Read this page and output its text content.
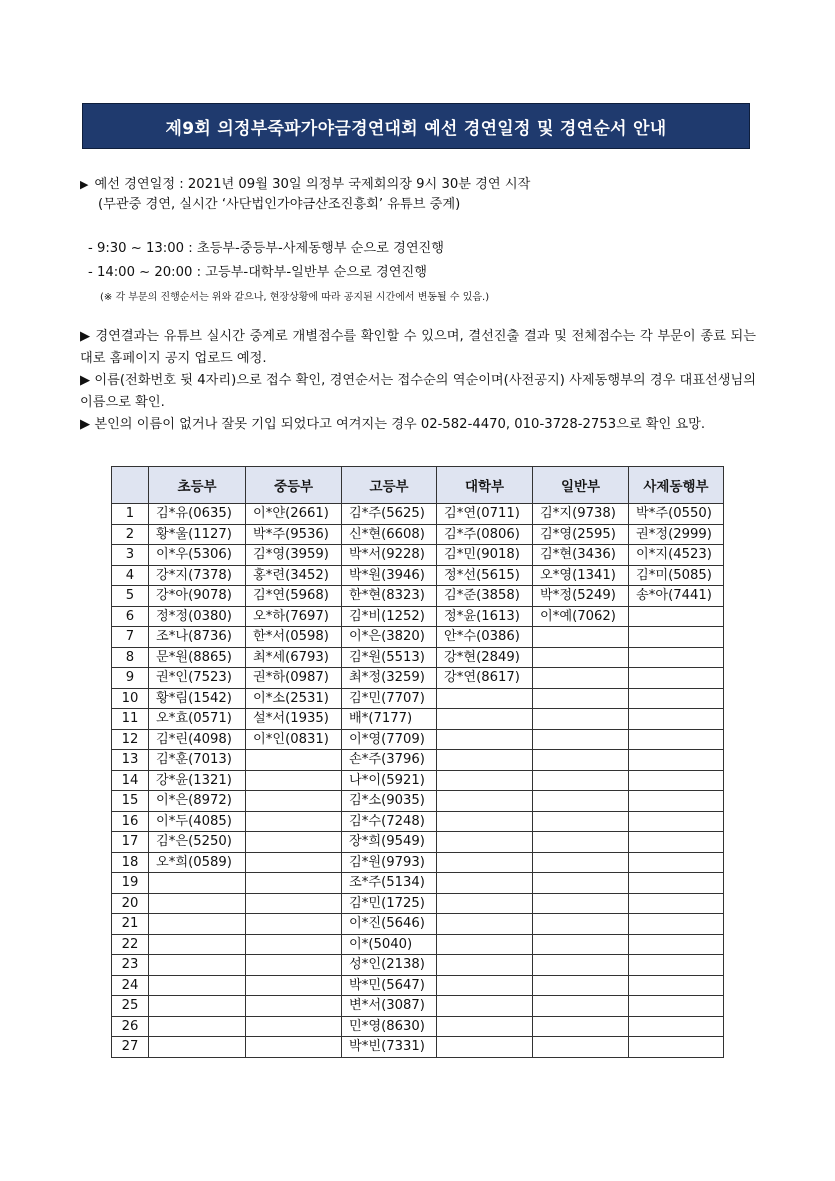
제9회 의정부죽파가야금경연대회 예선 경연일정 및 경연순서 안내
▶ 예선 경연일정 : 2021년 09월 30일 의정부 국제회의장 9시 30분 경연 시작
(무관중 경연, 실시간 ‘사단법인가야금산조진흥회’ 유튜브 중계)
- 9:30 ~ 13:00 : 초등부-중등부-사제동행부 순으로 경연진행
- 14:00 ~ 20:00 : 고등부-대학부-일반부 순으로 경연진행
(※ 각 부문의 진행순서는 위와 같으나, 현장상황에 따라 공지된 시간에서 변동될 수 있음.)
▶ 경연결과는 유튜브 실시간 중계로 개별점수를 확인할 수 있으며, 결선진출 결과 및 전체점수는 각 부문이 종료 되는대로 홈페이지 공지 업로드 예정.
▶ 이름(전화번호 뒷 4자리)으로 접수 확인, 경연순서는 접수순의 역순이며(사전공지) 사제동행부의 경우 대표선생님의 이름으로 확인.
▶ 본인의 이름이 없거나 잘못 기입 되었다고 여겨지는 경우 02-582-4470, 010-3728-2753으로 확인 요망.
	초등부	중등부	고등부	대학부	일반부	사제동행부
1	김*유(0635)	이*얀(2661)	김*주(5625)	김*연(0711)	김*지(9738)	박*주(0550)
2	황*울(1127)	박*주(9536)	신*현(6608)	김*주(0806)	김*영(2595)	권*정(2999)
3	이*우(5306)	김*영(3959)	박*서(9228)	김*민(9018)	김*현(3436)	이*지(4523)
4	강*지(7378)	홍*련(3452)	박*원(3946)	정*선(5615)	오*영(1341)	김*미(5085)
5	강*아(9078)	김*연(5968)	한*현(8323)	김*준(3858)	박*정(5249)	송*아(7441)
6	정*정(0380)	오*하(7697)	김*비(1252)	정*윤(1613)	이*예(7062)	
7	조*나(8736)	한*서(0598)	이*은(3820)	안*수(0386)		
8	문*원(8865)	최*세(6793)	김*원(5513)	강*현(2849)		
9	권*인(7523)	권*하(0987)	최*정(3259)	강*연(8617)		
10	황*림(1542)	이*소(2531)	김*민(7707)			
11	오*효(0571)	설*서(1935)	배*(7177)			
12	김*린(4098)	이*인(0831)	이*영(7709)			
13	김*훈(7013)		손*주(3796)			
14	강*윤(1321)		나*이(5921)			
15	이*은(8972)		김*소(9035)			
16	이*두(4085)		김*수(7248)			
17	김*은(5250)		장*희(9549)			
18	오*희(0589)		김*원(9793)			
19			조*주(5134)			
20			김*민(1725)			
21			이*진(5646)			
22			이*(5040)			
23			성*인(2138)			
24			박*민(5647)			
25			변*서(3087)			
26			민*영(8630)			
27			박*빈(7331)			
